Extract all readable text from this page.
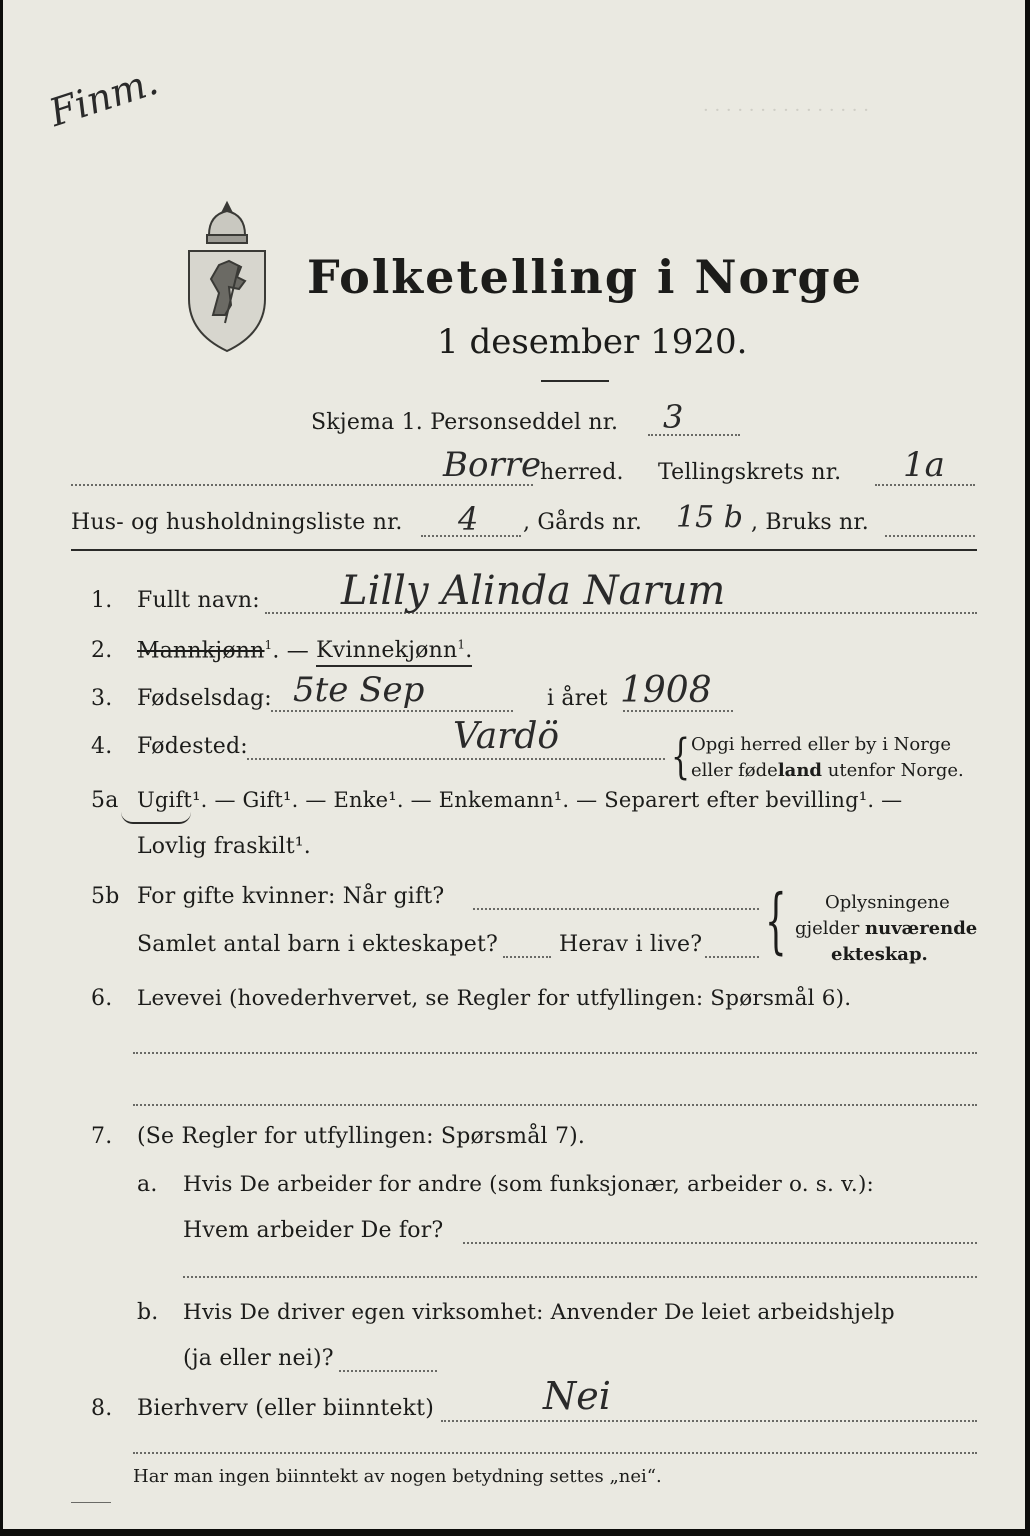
· · · · · · · · · · · · · · ·
Finm.
Folketelling i Norge
1 desember 1920.
Skjema 1. Personseddel nr. 3
Borre
herred. Tellingskrets nr. 1a
Hus- og husholdningsliste nr. 4 , Gårds nr. 15 b , Bruks nr.
1. Fullt navn: Lilly Alinda Narum
2. Mannkjønn$^1$. — Kvinnekjønn$^1$.
3. Fødselsdag: 5te Sep	i året 1908
4. Fødested:	Vardö	{ Opgi herred eller by i Norge
eller fødeland utenfor Norge.
5a Ugift¹. — Gift¹. — Enke¹. — Enkemann¹. — Separert efter bevilling¹. —
Lovlig fraskilt¹.
5b For gifte kvinner: Når gift?
Samlet antal barn i ekteskapet?	Herav i live? { Oplysningene
gjelder nuværende
ekteskap.
6. Levevei (hovederhvervet, se Regler for utfyllingen: Spørsmål 6).
7. (Se Regler for utfyllingen: Spørsmål 7).
a. Hvis De arbeider for andre (som funksjonær, arbeider o. s. v.):
Hvem arbeider De for?
b. Hvis De driver egen virksomhet: Anvender De leiet arbeidshjelp
(ja eller nei)?
8. Bierhverv (eller biinntekt)	Nei
Har man ingen biinntekt av nogen betydning settes „nei“.
